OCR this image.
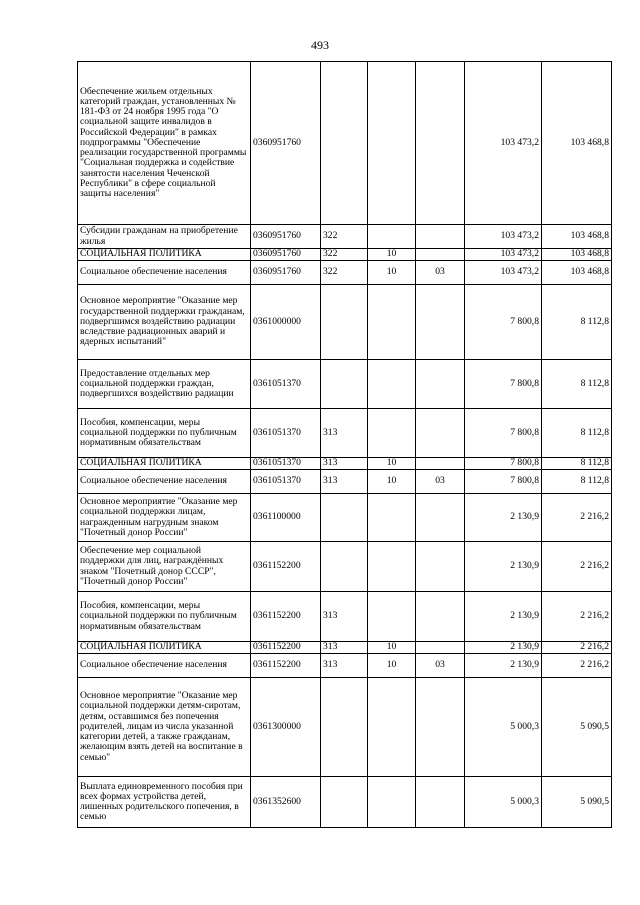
493
Обеспечение жильем отдельных категорий граждан, установленных № 181-ФЗ от 24 ноября 1995 года "О социальной защите инвалидов в Российской Федерации" в рамках подпрограммы "Обеспечение реализации государственной программы "Социальная поддержка и содействие занятости населения Чеченской Республики" в сфере социальной защиты населения"	0360951760				103 473,2	103 468,8
Субсидии гражданам на приобретение жилья	0360951760	322			103 473,2	103 468,8
СОЦИАЛЬНАЯ ПОЛИТИКА	0360951760	322	10		103 473,2	103 468,8
Социальное обеспечение населения	0360951760	322	10	03	103 473,2	103 468,8
Основное мероприятие "Оказание мер государственной поддержки гражданам, подвергшимся воздействию радиации вследствие радиационных аварий и ядерных испытаний"	0361000000				7 800,8	8 112,8
Предоставление отдельных мер социальной поддержки граждан, подвергшихся воздействию радиации	0361051370				7 800,8	8 112,8
Пособия, компенсации, меры социальной поддержки по публичным нормативным обязательствам	0361051370	313			7 800,8	8 112,8
СОЦИАЛЬНАЯ ПОЛИТИКА	0361051370	313	10		7 800,8	8 112,8
Социальное обеспечение населения	0361051370	313	10	03	7 800,8	8 112,8
Основное мероприятие "Оказание мер социальной поддержки лицам, награжденным нагрудным знаком "Почетный донор России"	0361100000				2 130,9	2 216,2
Обеспечение мер социальной поддержки для лиц, награждённых знаком "Почетный донор СССР", "Почетный донор России"	0361152200				2 130,9	2 216,2
Пособия, компенсации, меры социальной поддержки по публичным нормативным обязательствам	0361152200	313			2 130,9	2 216,2
СОЦИАЛЬНАЯ ПОЛИТИКА	0361152200	313	10		2 130,9	2 216,2
Социальное обеспечение населения	0361152200	313	10	03	2 130,9	2 216,2
Основное мероприятие "Оказание мер социальной поддержки детям-сиротам, детям, оставшимся без попечения родителей, лицам из числа указанной категории детей, а также гражданам, желающим взять детей на воспитание в семью"	0361300000				5 000,3	5 090,5
Выплата единовременного пособия при всех формах устройства детей, лишенных родительского попечения, в семью	0361352600				5 000,3	5 090,5
